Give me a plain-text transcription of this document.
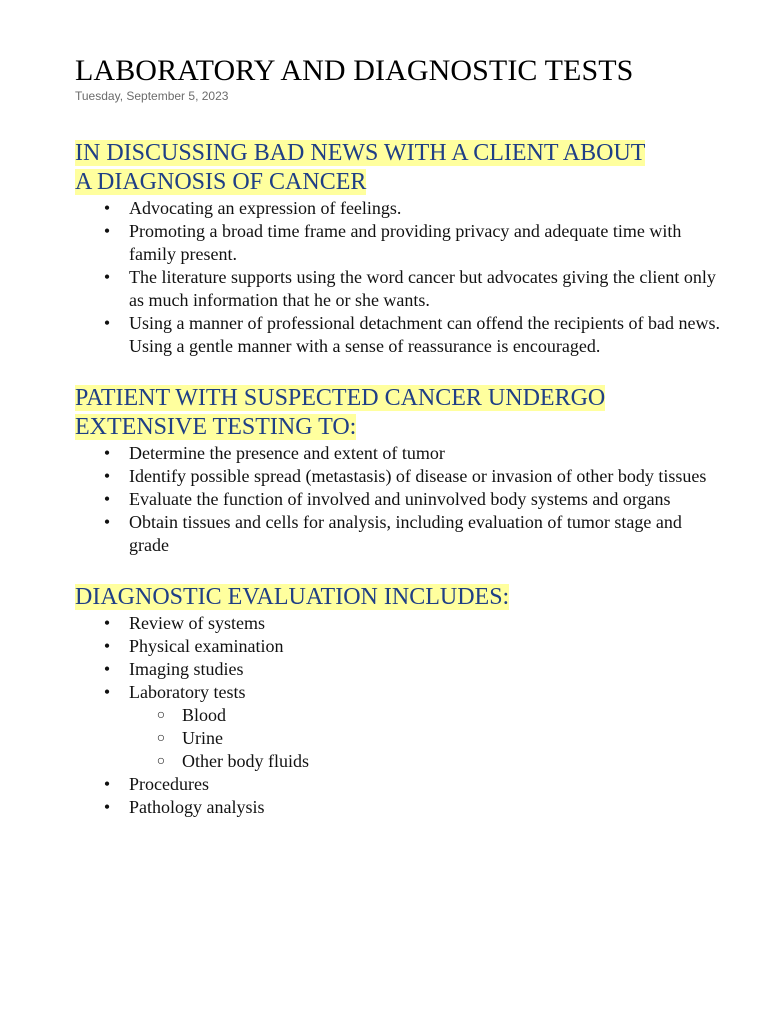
LABORATORY AND DIAGNOSTIC TESTS
Tuesday, September 5, 2023
IN DISCUSSING BAD NEWS WITH A CLIENT ABOUT
A DIAGNOSIS OF CANCER
• Advocating an expression of feelings.
• Promoting a broad time frame and providing privacy and adequate time with family present.
• The literature supports using the word cancer but advocates giving the client only as much information that he or she wants.
• Using a manner of professional detachment can offend the recipients of bad news. Using a gentle manner with a sense of reassurance is encouraged.
PATIENT WITH SUSPECTED CANCER UNDERGO
EXTENSIVE TESTING TO:
• Determine the presence and extent of tumor
• Identify possible spread (metastasis) of disease or invasion of other body tissues
• Evaluate the function of involved and uninvolved body systems and organs
• Obtain tissues and cells for analysis, including evaluation of tumor stage and grade
DIAGNOSTIC EVALUATION INCLUDES:
• Review of systems
• Physical examination
• Imaging studies
• Laboratory tests
○ Blood
○ Urine
○ Other body fluids
• Procedures
• Pathology analysis
